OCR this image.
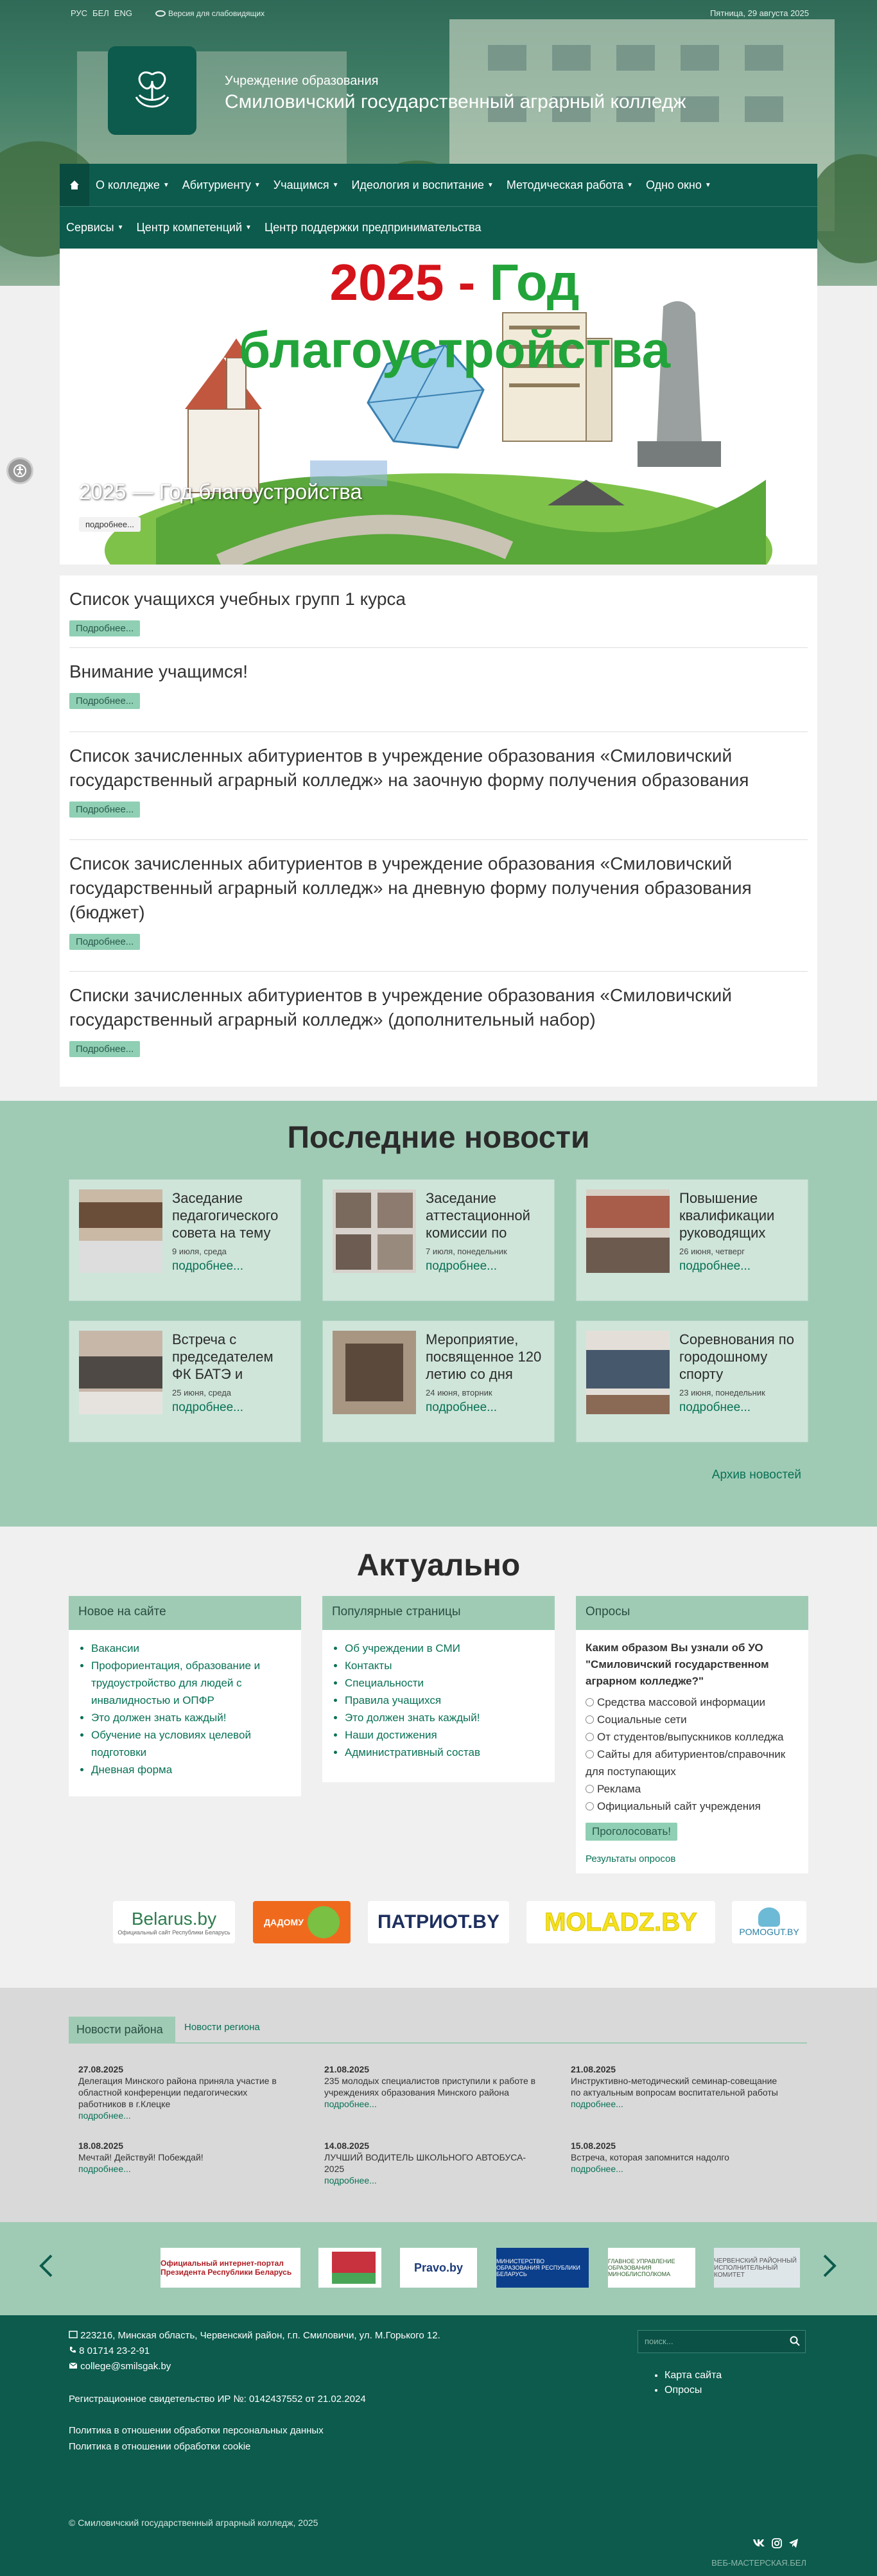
РУС БЕЛ ENG	Версия для слабовидящих	Пятница, 29 августа 2025
Учреждение образования
Смиловичский государственный аграрный колледж
О колледже ▼ Абитуриенту ▼ Учащимся ▼ Идеология и воспитание ▼ Методическая работа ▼ Одно окно ▼
Сервисы ▼ Центр компетенций ▼ Центр поддержки предпринимательства
2025 - Год благоустройства
2025 — Год благоустройства
подробнее...
Список учащихся учебных групп 1 курса
Подробнее...
Внимание учащимся!
Подробнее...
Список зачисленных абитуриентов в учреждение образования «Смиловичский государственный аграрный колледж» на заочную форму получения образования
Подробнее...
Список зачисленных абитуриентов в учреждение образования «Смиловичский государственный аграрный колледж» на дневную форму получения образования (бюджет)
Подробнее...
Списки зачисленных абитуриентов в учреждение образования «Смиловичский государственный аграрный колледж» (дополнительный набор)
Подробнее...
Последние новости
Заседание педагогического совета на тему
9 июля, среда
подробнее...
Заседание аттестационной комиссии по
7 июля, понедельник
подробнее...
Повышение квалификации руководящих
26 июня, четверг
подробнее...
Встреча с председателем ФК БАТЭ и
25 июня, среда
подробнее...
Мероприятие, посвященное 120 летию со дня
24 июня, вторник
подробнее...
Соревнования по городошному спорту
23 июня, понедельник
подробнее...
Архив новостей
Актуально
Новое на сайте
• Вакансии
• Профориентация, образование и трудоустройство для людей с инвалидностью и ОПФР
• Это должен знать каждый!
• Обучение на условиях целевой подготовки
• Дневная форма
Популярные страницы
• Об учреждении в СМИ
• Контакты
• Специальности
• Правила учащихся
• Это должен знать каждый!
• Наши достижения
• Административный состав
Опросы
Каким образом Вы узнали об УО "Смиловичский государственном аграрном колледже?"
Средства массовой информации
Социальные сети
От студентов/выпускников колледжа
Сайты для абитуриентов/справочник для поступающих
Реклама
Официальный сайт учреждения
Проголосовать!
Результаты опросов
Belarus.by
Официальный сайт Республики Беларусь
ДАДОМУ	ПАТРИОТ.BY MOLADZ.BY	POMOGUT.BY
Новости района	Новости региона
27.08.2025
Делегация Минского района приняла участие в областной конференции педагогических работников в г.Клецке
подробнее...
21.08.2025
235 молодых специалистов приступили к работе в учреждениях образования Минского района
подробнее...
21.08.2025
Инструктивно-методический семинар-совещание по актуальным вопросам воспитательной работы
подробнее...
18.08.2025
Мечтай! Действуй! Побеждай!
подробнее...
14.08.2025
ЛУЧШИЙ ВОДИТЕЛЬ ШКОЛЬНОГО АВТОБУСА- 2025
подробнее...
15.08.2025
Встреча, которая запомнится надолго
подробнее...
Официальный интернет-портал Президента Республики Беларусь	Pravo.by	МИНИСТЕРСТВО ОБРАЗОВАНИЯ РЕСПУБЛИКИ БЕЛАРУСЬ
ГЛАВНОЕ УПРАВЛЕНИЕ ОБРАЗОВАНИЯ МИНОБЛИСПОЛКОМА
ЧЕРВЕНСКИЙ РАЙОННЫЙ ИСПОЛНИТЕЛЬНЫЙ КОМИТЕТ
223216, Минская область, Червенский район, г.п. Смиловичи, ул. М.Горького 12.
8 01714 23-2-91
college@smilsgak.by
Регистрационное свидетельство ИР №: 0142437552 от 21.02.2024
Политика в отношении обработки персональных данных
Политика в отношении обработки cookie
поиск...
• Карта сайта
• Опросы
© Смиловичский государственный аграрный колледж, 2025
ВЕБ-МАСТЕРСКАЯ.БЕЛ
